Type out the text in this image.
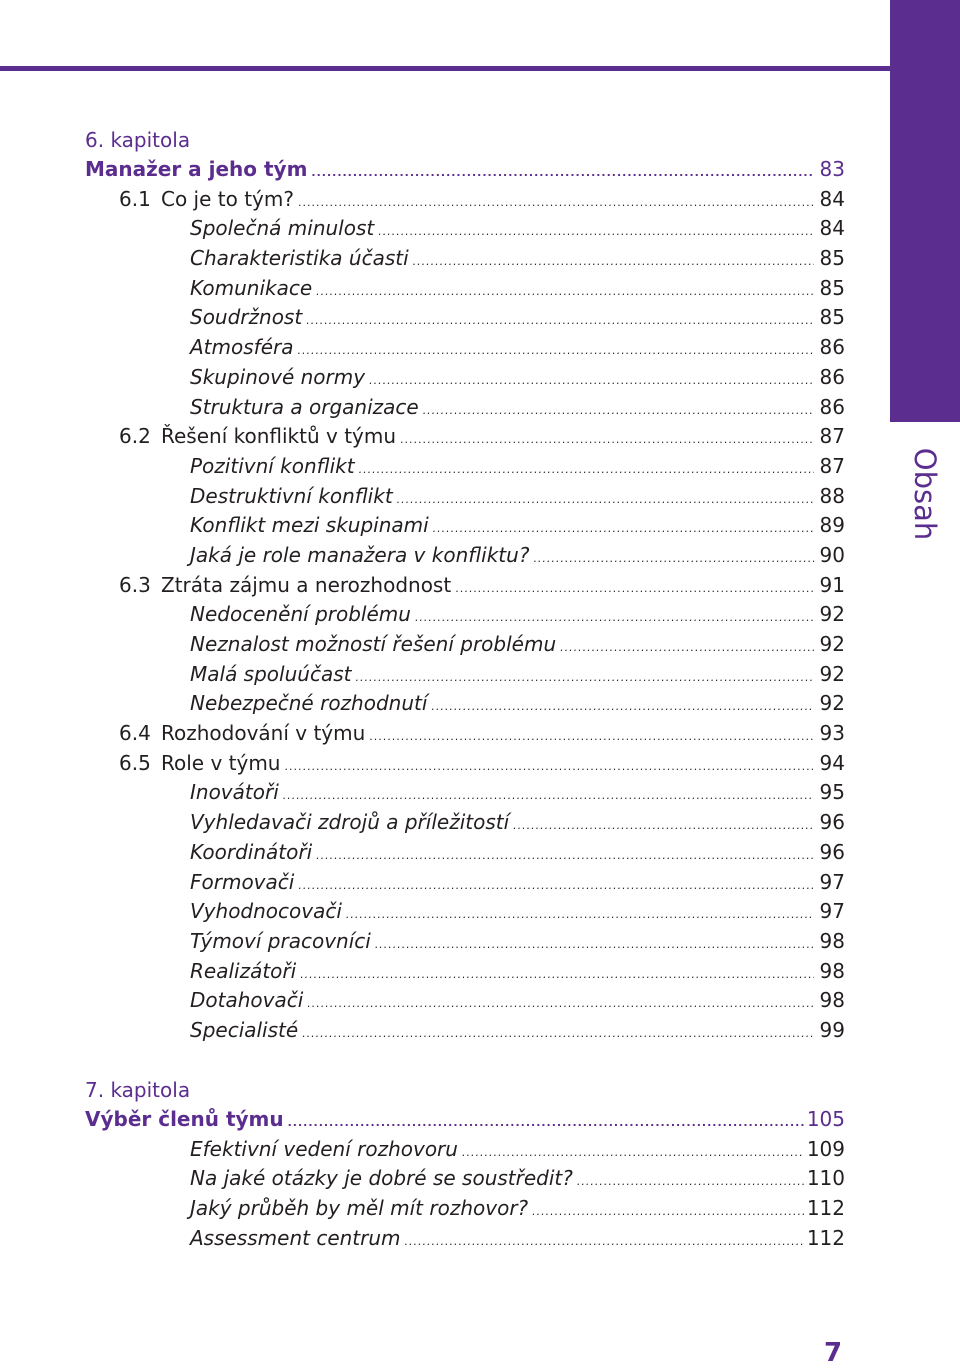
Obsah
6. kapitola
Manažer a jeho tým .....	83
6.1 Co je to tým? .....	84
Společná minulost .....	84
Charakteristika účasti .....	85
Komunikace .....	85
Soudržnost .....	85
Atmosféra .....	86
Skupinové normy .....	86
Struktura a organizace .....	86
6.2 Řešení konfliktů v týmu .....	87
Pozitivní konflikt .....	87
Destruktivní konflikt .....	88
Konflikt mezi skupinami .....	89
Jaká je role manažera v konfliktu? .....	90
6.3 Ztráta zájmu a nerozhodnost .....	91
Nedocenění problému .....	92
Neznalost možností řešení problému .....	92
Malá spoluúčast .....	92
Nebezpečné rozhodnutí .....	92
6.4 Rozhodování v týmu .....	93
6.5 Role v týmu .....	94
Inovátoři .....	95
Vyhledavači zdrojů a příležitostí .....	96
Koordinátoři .....	96
Formovači .....	97
Vyhodnocovači .....	97
Týmoví pracovníci .....	98
Realizátoři .....	98
Dotahovači .....	98
Specialisté .....	99
7. kapitola
Výběr členů týmu .....	105
Efektivní vedení rozhovoru .....	109
Na jaké otázky je dobré se soustředit? .....	110
Jaký průběh by měl mít rozhovor? .....	112
Assessment centrum .....	112
7
